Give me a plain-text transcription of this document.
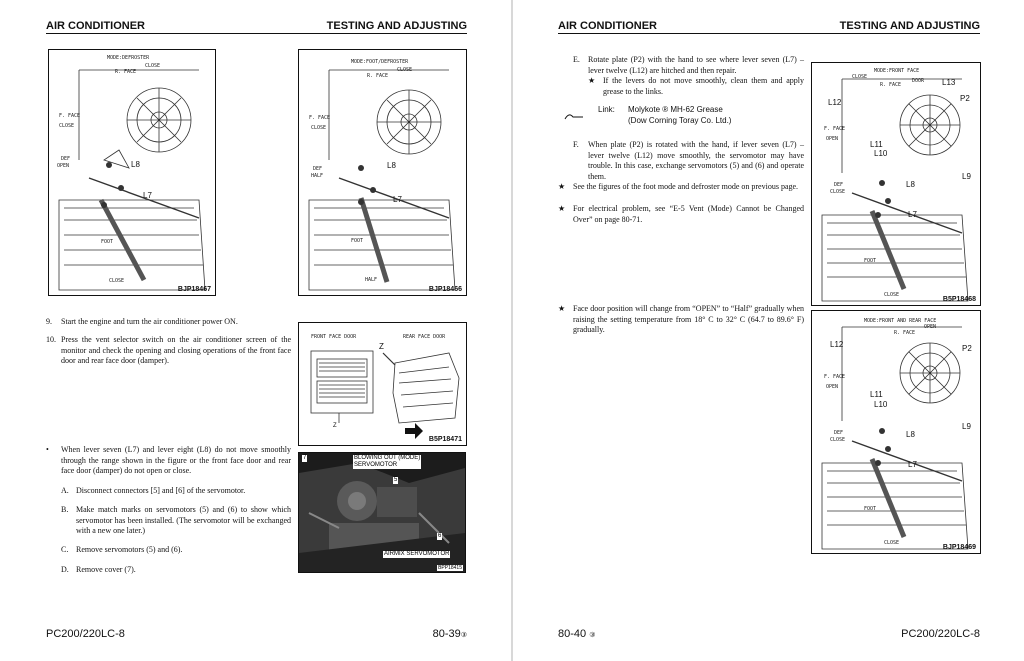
AIR CONDITIONER	TESTING AND ADJUSTING
MODE:DEFROSTER
CLOSE
R. FACE
F. FACE
CLOSE
DEF
OPEN	L8
L7
FOOT
CLOSE
BJP18467
MODE:FOOT/DEFROSTER
CLOSE
R. FACE
F. FACE
CLOSE
DEF
HALF
L8
L7
FOOT
HALF
BJP18466
9. Start the engine and turn the air conditioner power ON.
10. Press the vent selector switch on the air conditioner screen of the monitor and check the opening and closing operations of the front face door and rear face door (damper).
FRONT FACE DOOR	REAR FACE DOOR
Z
Z
B5P18471
• When lever seven (L7) and lever eight (L8) do not move smoothly through the range shown in the figure or the front face door and rear face door (damper) do not open or close.
A. Disconnect connectors [5] and [6] of the servomotor.
B. Make match marks on servomotors (5) and (6) to show which servomotor has been installed. (The servomotor will be exchanged with a new one later.)
C. Remove servomotors (5) and (6).
D. Remove cover (7).
7	BLOWING OUT (MODE)
SERVOMOTOR
5
6
AIRMIX SERVOMOTOR
BPP18415
PC200/220LC-8	80-39③
AIR CONDITIONER	TESTING AND ADJUSTING
E. Rotate plate (P2) with the hand to see where lever seven (L7) – lever twelve (L12) are hitched and then repair.
★ If the levers do not move smoothly, clean them and apply grease to the links.
Link: Molykote ® MH-62 Grease
(Dow Corning Toray Co. Ltd.)
F. When plate (P2) is rotated with the hand, if lever seven (L7) – lever twelve (L12) move smoothly, the servomotor may have trouble. In this case, exchange servomotors (5) and (6) and operate them.
★ See the figures of the foot mode and defroster mode on previous page.
★ For electrical problem, see “E-5 Vent (Mode) Cannot be Changed Over” on page 80-71.
★ Face door position will change from “OPEN” to “Half” gradually when raising the setting temperature from 18° C to 32° C (64.7 to 89.6° F) gradually.
MODE:FRONT FACE
CLOSE
R. FACE
DOOR
F. FACE
OPEN
DEF
CLOSE
FOOT
CLOSE
L12
L13
P2
L11
L10
L8
L9
L7
B5P18468
MODE:FRONT AND REAR FACE
R. FACE
OPEN
F. FACE
OPEN
DEF
CLOSE
FOOT
CLOSE
L12	P2
L11
L10
L8
L9
L7
BJP18469
80-40 ③	PC200/220LC-8
